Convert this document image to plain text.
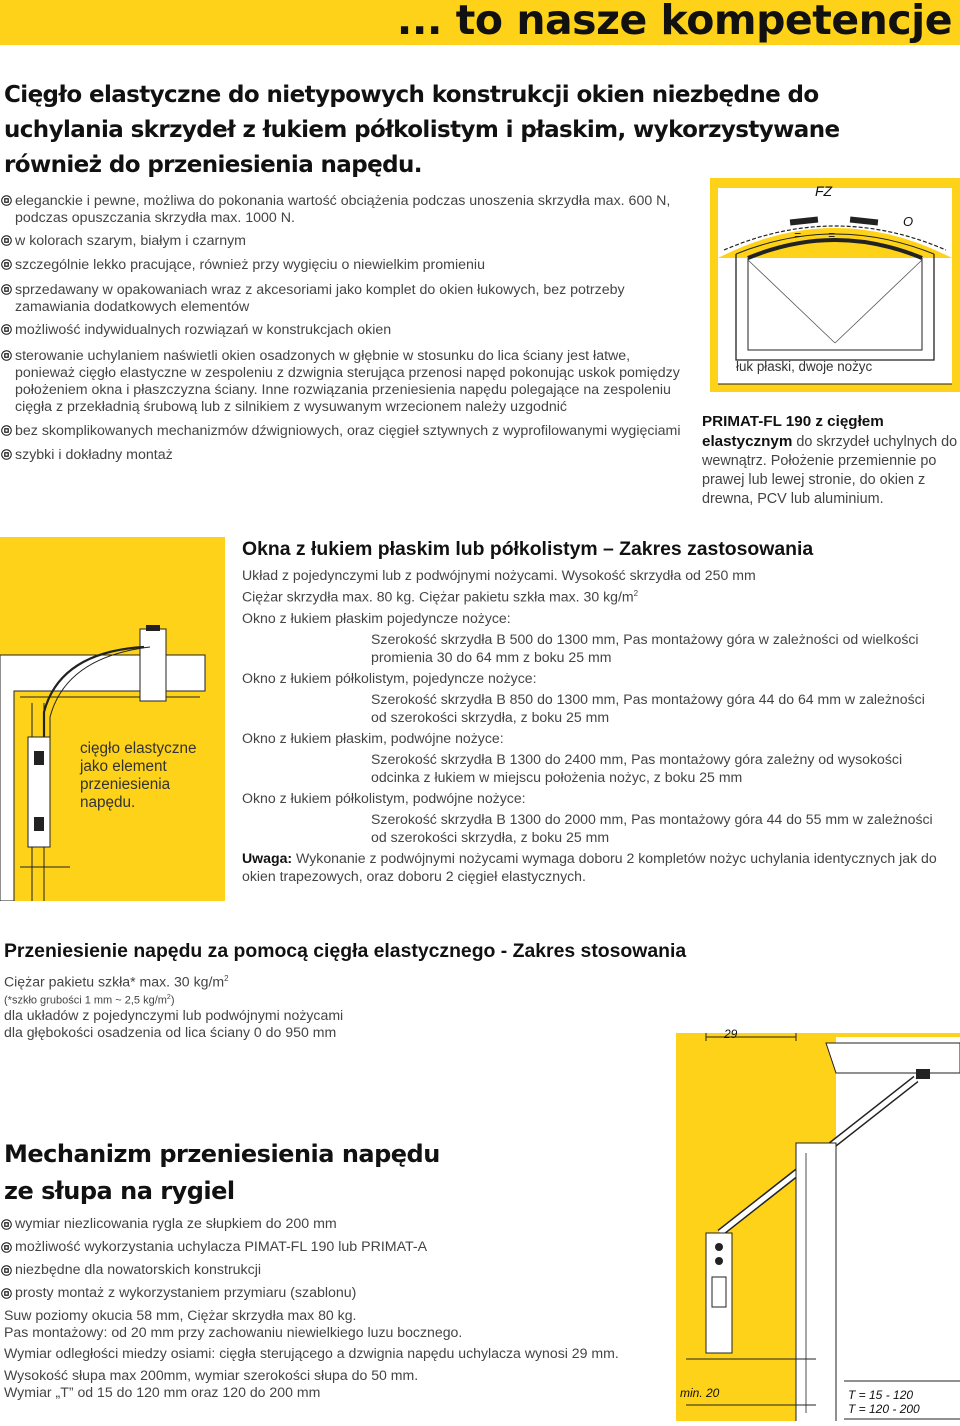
... to nasze kompetencje
Cięgło elastyczne do nietypowych konstrukcji okien niezbędne do uchylania skrzydeł z łukiem półkolistym i płaskim, wykorzystywane również do przeniesienia napędu.
eleganckie i pewne, możliwa do pokonania wartość obciążenia podczas unoszenia skrzydła max. 600 N, podczas opuszczania skrzydła max. 1000 N.
w kolorach szarym, białym i czarnym
szczególnie lekko pracujące, również przy wygięciu o niewielkim promieniu
sprzedawany w opakowaniach wraz z akcesoriami jako komplet do okien łukowych, bez potrzeby zamawiania dodatkowych elementów
możliwość indywidualnych rozwiązań w konstrukcjach okien
sterowanie uchylaniem naświetli okien osadzonych w głębnie w stosunku do lica ściany jest łatwe, ponieważ cięgło elastyczne w zespoleniu z dzwignia sterująca przenosi napęd pokonując uskok pomiędzy położeniem okna i płaszczyzna ściany. Inne rozwiązania przeniesienia napędu polegające na zespoleniu cięgła z przekładnią śrubową lub z silnikiem z wysuwanym wrzecionem należy uzgodnić
bez skomplikowanych mechanizmów dźwigniowych, oraz cięgieł sztywnych z wyprofilowanymi wygięciami
szybki i dokładny montaż
FZ
O
= =
łuk płaski, dwoje nożyc
PRIMAT-FL 190 z cięgłem elastycznym do skrzydeł uchylnych do wewnątrz. Położenie przemiennie po prawej lub lewej stronie, do okien z drewna, PCV lub aluminium.
cięgło elastyczne jako element przeniesienia napędu.
Okna z łukiem płaskim lub półkolistym – Zakres zastosowania
Układ z pojedynczymi lub z podwójnymi nożycami. Wysokość skrzydła od 250 mm
Ciężar skrzydła max. 80 kg. Ciężar pakietu szkła max. 30 $kg/m^2$
Okno z łukiem płaskim pojedyncze nożyce:
Szerokość skrzydła B 500 do 1300 mm, Pas montażowy góra w zależności od wielkości promienia 30 do 64 mm z boku 25 mm
Okno z łukiem półkolistym, pojedyncze nożyce:
Szerokość skrzydła B 850 do 1300 mm, Pas montażowy góra 44 do 64 mm w zależności od szerokości skrzydła, z boku 25 mm
Okno z łukiem płaskim, podwójne nożyce:
Szerokość skrzydła B 1300 do 2400 mm, Pas montażowy góra zależny od wysokości odcinka z łukiem w miejscu położenia nożyc, z boku 25 mm
Okno z łukiem półkolistym, podwójne nożyce:
Szerokość skrzydła B 1300 do 2000 mm, Pas montażowy góra 44 do 55 mm w zależności od szerokości skrzydła, z boku 25 mm
Uwaga: Wykonanie z podwójnymi nożycami wymaga doboru 2 kompletów nożyc uchylania identycznych jak do okien trapezowych, oraz doboru 2 cięgieł elastycznych.
Przeniesienie napędu za pomocą cięgła elastycznego - Zakres stosowania
Ciężar pakietu szkła* max. 30 $kg/m^2$
(*szkło grubości 1 mm ~ 2,5 $kg/m^2$)
dla układów z pojedynczymi lub podwójnymi nożycami
dla głębokości osadzenia od lica ściany 0 do 950 mm
Mechanizm przeniesienia napędu
ze słupa na rygiel
wymiar niezlicowania rygla ze słupkiem do 200 mm
możliwość wykorzystania uchylacza PIMAT-FL 190 lub PRIMAT-A
niezbędne dla nowatorskich konstrukcji
prosty montaż z wykorzystaniem przymiaru (szablonu)

Suw poziomy okucia 58 mm, Ciężar skrzydła max 80 kg.

Pas montażowy: od 20 mm przy zachowaniu niewielkiego luzu bocznego.

Wymiar odległości miedzy osiami: cięgła sterującego a dzwignia napędu uchylacza wynosi 29 mm.

Wysokość słupa max 200mm, wymiar szerokości słupa do 50 mm.

Wymiar „T” od 15 do 120 mm oraz 120 do 200 mm

29
min. 20	T = 15 - 120
T = 120 - 200
